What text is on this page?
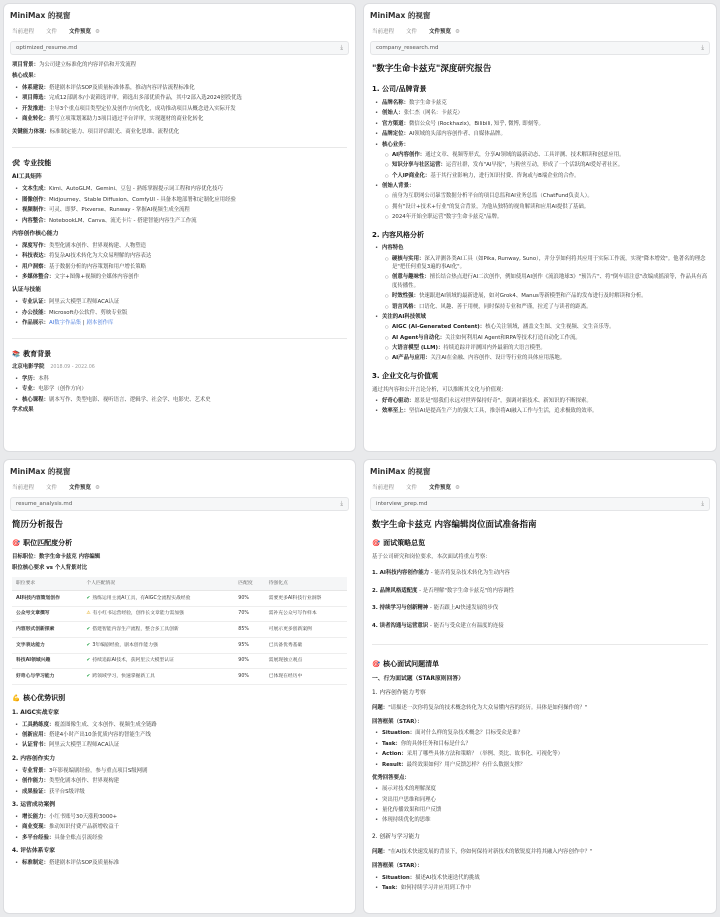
MiniMax 的视窗
当前进程 文件 文件预览 ⚙
optimized_resume.md	⤓
项目背景：为公司建立标准化的内容评估和开发流程
核心成果：
• 体系建设：搭建剧本评估SOP及质量标准体系，推动内容评估流程标准化
• 项目筛选：完成12部剧本/小说筛选评审，筛选出多部优质作品，其中2部入选2024创投优选
• 开发推进：主导3个重点项目类型定位及创作方向优化，成功推动项目从概念进入实际开发
• 商业转化：撰写立项策划案助力3项目通过平台评审，实现题材的商业化转化
关键能力体现：标准制定能力、项目评估眼光、商业化思维、流程优化
🛠 专业技能
AI工具矩阵
• 文本生成：Kimi、AutoGLM、Gemini、豆包 - 熟练掌握提示词工程和内容优化技巧
• 图像创作：Midjourney、Stable Diffusion、ComfyUI - 具备本地部署和定制化应用经验
• 视频制作：可灵、即梦、Pixverse、Runway - 掌握AI视频生成全流程
• 内容整合：NotebookLM、Canva、流光卡片 - 搭建智能内容生产工作流
内容创作核心能力
• 深度写作：类型化剧本创作、世界观构建、人物塑造
• 科技表达：将复杂AI技术转化为大众易理解的内容表达
• 用户洞察：基于数据分析的内容策划和用户增长策略
• 多媒体整合：文字+图像+视频的全媒体内容创作
认证与技能
• 专业认证：阿里云大模型工程师ACA认证
• 办公技能：Microsoft办公软件、剪映专业版
• 作品展示：AI数字作品集 | 剧本创作库
📚 教育背景
北京电影学院 2018.09 - 2022.06
• 学历：本科
• 专业：电影学（创作方向）
• 核心课程：剧本写作、类型电影、视听语言、逻辑学、社会学、电影史、艺术史
学术成果
MiniMax 的视窗
当前进程 文件 文件预览 ⚙
company_research.md	⤓
"数字生命卡兹克"深度研究报告
1. 公司/品牌背景
• 品牌名称：数字生命卡兹克
• 创始人：张仁杰（网名：卡兹克）
• 官方渠道：微信公众号 (Rockhazix)，Bilibili, 知乎, 微博, 即刻等。
• 品牌定位：AI领域的头部内容创作者、自媒体品牌。
• 核心业务：
○ AI内容创作：通过文章、视频等形式，分享AI领域的最新动态、工具评测、技术解读和创意应用。
○ 知识分享与社区运营：运营社群，发布"AI早报"，与粉丝互动，形成了一个活跃的AI爱好者社区。
○ 个人IP商业化：基于其行业影响力，进行知识付费、咨询或与B端企业的合作。
• 创始人背景：
○ 前身为互联网公司暴雪数据分析平台的项目总监和AI业务总监（ChatFund负责人）。
○ 拥有"设计+技术+行业"的复合背景，为他从独特的视角解读和应用AI提供了基础。
○ 2024年开始全职运营"数字生命卡兹克"品牌。
2. 内容风格分析
• 内容特色
○ 硬核与实用：深入评测各类AI工具（如Pika, Runway, Suno），并分享如何将其应用于实际工作流，实现"降本增效"。他著名的理念是"把任何重复3遍的事AI化"。
○ 创意与趣味性：擅长结合热点进行AI二次创作，例如使用AI创作《流浪地球3》"预告片"、将"倒车请注意"改编成摇滚等，作品具有高度传播性。
○ 时效性强：快速跟进AI领域的最新进展，如对Grok4、Manus等新模型和产品的发布进行及时解读和分析。
○ 语言风格：口语化、风趣、善于用梗，同时保持专业和严谨，拉近了与读者的距离。
• 关注的AI科技领域
○ AIGC (AI-Generated Content)：核心关注领域，涵盖文生图、文生视频、文生音乐等。
○ AI Agent与自动化：关注如何利用AI Agent和RPA等技术打造自动化工作流。
○ 大语言模型 (LLM)：持续追踪并评测国内外最新的大语言模型。
○ AI产品与应用：关注AI在金融、内容创作、设计等行业的具体应用落地。
3. 企业文化与价值观
通过其内容和公开言论分析，可以推断其文化与价值观：
• 好奇心驱动：愿景是"愿我们永远对世界保持好奇"，强调对新技术、新知识的不断探索。
• 效率至上：坚信AI是提高生产力的强大工具，推崇将AI融入工作与生活，追求极致的效率。
MiniMax 的视窗
当前进程 文件 文件预览 ⚙
resume_analysis.md	⤓
简历分析报告
🎯 职位匹配度分析
目标职位：数字生命卡兹克 内容编辑
职位核心要求 vs 个人背景对比
职位要求	个人匹配情况	匹配度	待强化点
AI科技内容策划创作	✔ 熟练运用主流AI工具，有AIGC全流程实战经验	90%	需要更多AI科技行业洞察
公众号文章撰写	⚠ 有小红书运营经验，创作长文章能力需加强	70%	需补充公众号写作样本
内容形式创新探索	✔ 搭建智能内容生产流程，整合多工具创新	85%	可展示更多创新案例
文字表达能力	✔ 3年编剧经验，剧本创作能力强	95%	已具备优秀基础
科技AI领域兴趣	✔ 持续追踪AI技术，获阿里云大模型认证	90%	需展现独立观点
好奇心与学习能力	✔ 跨领域学习，快速掌握新工具	90%	已体现在经历中
💪 核心优势识别
1. AIGC实战专家
• 工具熟练度：覆盖图像生成、文本创作、视频生成全链路
• 创新应用：搭建4小时产出10条优质内容的智能生产线
• 认证背书：阿里云大模型工程师ACA认证
2. 内容创作实力
• 专业背景：3年影视编剧经验，参与重点项目S级网剧
• 创作能力：类型化剧本创作、世界观构建
• 成果验证：获平台S级评级
3. 运营成功案例
• 增长能力：小红书账号30天涨粉3000+
• 商业变现：推动知识付费产品新增收益千
• 多平台经验：具备全账点引流经验
4. 评估体系专家
• 标准制定：搭建剧本评估SOP及质量标准
MiniMax 的视窗
当前进程 文件 文件预览 ⚙
interview_prep.md	⤓
数字生命卡兹克 内容编辑岗位面试准备指南
🎯 面试策略总览
基于公司研究和岗位要求，本次面试将重点考察：
1. AI科技内容创作能力 - 能否将复杂技术转化为生动内容
2. 品牌风格适配度 - 是否理解"数字生命卡兹克"的内容调性
3. 持续学习与创新精神 - 能否跟上AI快速发展的步伐
4. 读者沟通与运营意识 - 能否与受众建立有温度的连接
🎯 核心面试问题清单
一、行为面试题（STAR原则回答）
1. 内容创作能力考察
问题："请描述一次你将复杂的技术概念转化为大众易懂内容的经历。具体是如何操作的？"
回答框架（STAR）：
• Situation：面对什么样的复杂技术概念？目标受众是谁？
• Task：你的具体任务和目标是什么？
• Action：采用了哪些具体方法和策略？（举例、类比、故事化、可视化等）
• Result：最终效果如何？用户反馈怎样？有什么数据支撑？
优秀回答要点：
• 展示对技术的理解深度
• 突出用户思维和同理心
• 量化传播效果和用户反馈
• 体现持续优化的思维
2. 创新与学习能力
问题："在AI技术快速发展的背景下，你如何保持对新技术的敏锐度并将其融入内容创作中？"
回答框架（STAR）：
• Situation：描述AI技术快速迭代的挑战
• Task：如何持续学习并应用到工作中
